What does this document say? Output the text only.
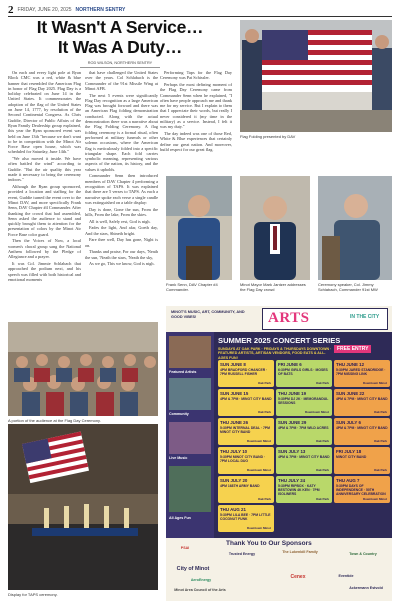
2 FRIDAY, JUNE 20, 2025 NORTHERN SENTRY
It Wasn't A Service…
It Was A Duty…
ROD WILSON, NORTHERN SENTRY

On each and every light pole at Ryan Block CMC was a red, white & blue banner that resembled the American Flag in honor of Flag Day 2025. Flag Day is a holiday celebrated on June 14 in the United States. It commemorates the adoption of the flag of the United States on June 14, 1777, by resolution of the Second Continental Congress. As Chris Guddie, Director of Public Affairs of the Ryan Family Dealership group explained, this year the Ryan sponsored event was held on June 13th "because we don't want to be in competition with the Minot Air Force Base open house, which was scheduled for Saturday, June 14th."

"We also moved it inside. We have often battled the wind" according to Guddie. "But the air quality this year made it necessary to bring the ceremony indoors."

Although the Ryan group sponsored, provided a location and staffing for the event, Guddie turned the event over to the Minot DAV, and more specifically Frank Senn, DAV Chapter #4 Commander. After thanking the crowd that had assembled, Senn asked the audience to stand and quickly brought them to attention for the presentation of colors by the Minot Air Force Base color guard.

Then the Voices of Now, a local women's choral group sang the National Anthem followed by the Pledge of Allegiance and a prayer.

It was Col. Jimmie Schlabach that approached the podium next, and his speech was filled with both historical and emotional moments

that have challenged the United States over the years. Col Schlabach is the Commander of the 91st Missile Wing at Minot AFB.

The next 5 events were significantly Flag Day recognition as a large American Flag was brought forward and there was an American Flag folding demonstration conducted. Along with the actual demonstration there was a narrative about the Flag Folding Ceremony. A flag folding ceremony is a formal ritual, often performed at military funerals or other solemn occasions, where the American flag is meticulously folded into a specific triangular shape. Each fold carries symbolic meaning, representing various aspects of the nation, its history, and the values it upholds.

Commander Senn then introduced members of DAV Chapter 4 performing a recognition of TAPS. It was explained that there are 5 verses to TAPS. As each a narrative spoke each verse a single candle was extinguished on a table display:

Day is done, Gone the sun, From the hills, From the lake, From the skies.

All is well, Safely rest, God is nigh.

Fades the light, And afar, Goeth day, And the stars, Shineth bright.

Fare thee well, Day has gone, Night is on.

Thanks and praise, For our days, 'Neath the sun, 'Neath the stars, 'Neath the sky,

As we go, This we know, God is nigh.

Performing Taps for the Flag Day Ceremony was Pat Schissler.

Perhaps the most defining moment of the Flag Day Ceremony came from Commander Senn when he explained, "I often have people approach me and thank me for my service. But I explain to them that I appreciate their words, but really I never considered it (my time in the military) as a service. Instead, I felt it was my duty."

The day indeed was one of those Red, White & Blue experiences that certainly define our great nation. And moreover, build respect for our great flag.

Flag Folding presented by DAV
Frank Senn, DAV Chapter #4 Commander.
Minot Mayor Mark Jantzer addresses the Flag Day crowd
Ceremony speaker, Col. Jimmy Schlabach, Commander 91st MW
A portion of the audience at the Flag Day Ceremony.
Display for TAPS ceremony.
MINOT'S MUSIC, ART, COMMUNITY, AND GOOD VIBES!	ARTS	IN THE CITY
Featured Artists
Community
Live Music
All Ages Fun
SUMMER 2025 CONCERT SERIES
FREE ENTRY
SUNDAYS AT OAK PARK · FRIDAYS & THURSDAYS DOWNTOWN · FEATURED ARTISTS, ARTISAN VENDORS, FOOD EATS & ALL-AGES FUN!
SUN JUNE 8
4PM BRADFORD CHANCER · 7PM RUSSELL FISHER
Oak Park
FRI JUNE 6
6:30PM GIRLS GIRLS · MOSES OF BATS
Oak Park
THU JUNE 12
5:30PM JARED STANDRIDGE · 7PM MISSING LINK
Downtown Minot
SUN JUNE 15
4PM & 7PM · MINOT CITY BAND
Oak Park
THU JUNE 19
5:30PM DJ 2K · MEMORANDUL SESSIONS
Downtown Minot
SUN JUNE 22
4PM & 7PM · MINOT CITY BAND
Oak Park
THU JUNE 26
5:30PM INTERNAL DEAL · 7PM MINOT CITY BAND
Downtown Minot
SUN JUNE 29
4PM & 7PM · 7PM WILD ACRES
Oak Park
SUN JULY 6
4PM & 7PM · MINOT CITY BAND
Oak Park
THU JULY 10
5:30PM MINOT CITY BAND · 7PM LOCAL DUO
Downtown Minot
SUN JULY 13
4PM & 7PM · MINOT CITY BAND
Oak Park
FRI JULY 18
MINOT CITY BAND
Oak Park
SUN JULY 20
4PM 168TH ARMY BAND
Oak Park
THU JULY 24
5:30PM RIPBOX · KATY BESTOWIN 4K KEN · 7PM ISOLINERS
Oak Park
THU AUG 7
5:30PM DAYS OF INDEPENDENCE · 50TH ANNIVERSARY CELEBRATION
Downtown Minot
THU AUG 21
5:30PM LILA BEE · 7PM LITTLE COCONUT FUNK
Downtown Minot
Thank You to Our Sponsors
PSAI
Trusted Energy	The Lukenbill Family	Town & Country
City of Minot
AeroEnergy
Minot Area Council of the Arts
Cenex	Eventide
Ackermann Estvold
